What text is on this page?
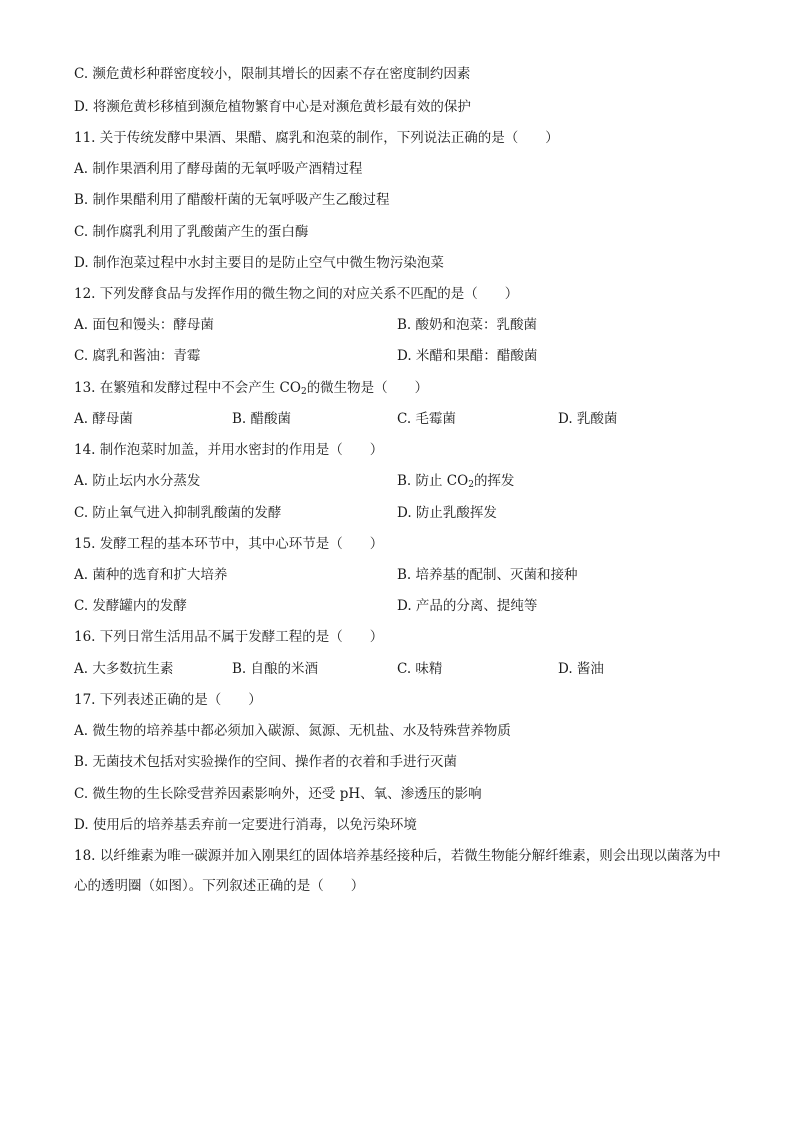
C. 濒危黄杉种群密度较小，限制其增长的因素不存在密度制约因素
D. 将濒危黄杉移植到濒危植物繁育中心是对濒危黄杉最有效的保护
11. 关于传统发酵中果酒、果醋、腐乳和泡菜的制作，下列说法正确的是（　　）
A. 制作果酒利用了酵母菌的无氧呼吸产酒精过程
B. 制作果醋利用了醋酸杆菌的无氧呼吸产生乙酸过程
C. 制作腐乳利用了乳酸菌产生的蛋白酶
D. 制作泡菜过程中水封主要目的是防止空气中微生物污染泡菜
12. 下列发酵食品与发挥作用的微生物之间的对应关系不匹配的是（　　）
A. 面包和馒头：酵母菌	B. 酸奶和泡菜：乳酸菌
C. 腐乳和酱油：青霉	D. 米醋和果醋：醋酸菌
13. 在繁殖和发酵过程中不会产生 $CO_2$的微生物是（　　）
A. 酵母菌	B. 醋酸菌	C. 毛霉菌	D. 乳酸菌
14. 制作泡菜时加盖，并用水密封的作用是（　　）
A. 防止坛内水分蒸发	B. 防止 $CO_2$的挥发
C. 防止氧气进入抑制乳酸菌的发酵	D. 防止乳酸挥发
15. 发酵工程的基本环节中，其中心环节是（　　）
A. 菌种的选育和扩大培养	B. 培养基的配制、灭菌和接种
C. 发酵罐内的发酵	D. 产品的分离、提纯等
16. 下列日常生活用品不属于发酵工程的是（　　）
A. 大多数抗生素	B. 自酿的米酒	C. 味精	D. 酱油
17. 下列表述正确的是（　　）
A. 微生物的培养基中都必须加入碳源、氮源、无机盐、水及特殊营养物质
B. 无菌技术包括对实验操作的空间、操作者的衣着和手进行灭菌
C. 微生物的生长除受营养因素影响外，还受 pH、氧、渗透压的影响
D. 使用后的培养基丢弃前一定要进行消毒，以免污染环境
18. 以纤维素为唯一碳源并加入刚果红的固体培养基经接种后，若微生物能分解纤维素，则会出现以菌落为中心的透明圈（如图）。下列叙述正确的是（　　）
